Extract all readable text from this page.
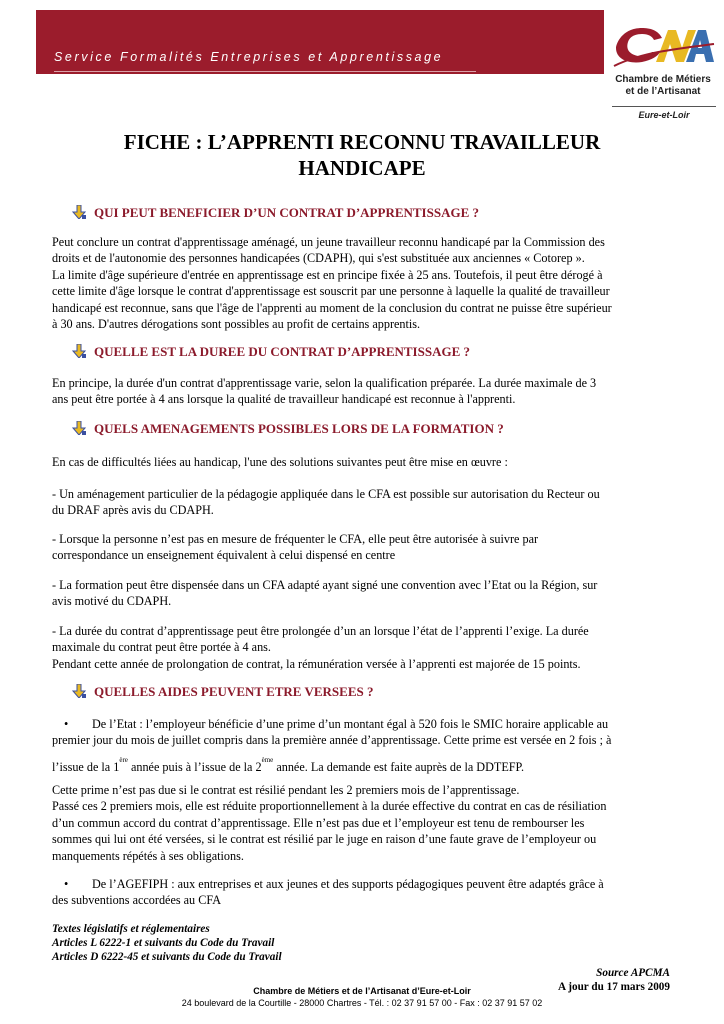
Service Formalités Entreprises et Apprentissage
Chambre de Métiers
et de l’Artisanat
Eure-et-Loir
FICHE : L’APPRENTI RECONNU TRAVAILLEUR
HANDICAPE
QUI PEUT BENEFICIER D’UN CONTRAT D’APPRENTISSAGE ?
Peut conclure un contrat d'apprentissage aménagé, un jeune travailleur reconnu handicapé par la Commission des
droits et de l'autonomie des personnes handicapées (CDAPH), qui s'est substituée aux anciennes « Cotorep ».
La limite d'âge supérieure d'entrée en apprentissage est en principe fixée à 25 ans. Toutefois, il peut être dérogé à
cette limite d'âge lorsque le contrat d'apprentissage est souscrit par une personne à laquelle la qualité de travailleur
handicapé est reconnue, sans que l'âge de l'apprenti au moment de la conclusion du contrat ne puisse être supérieur
à 30 ans. D'autres dérogations sont possibles au profit de certains apprentis.
QUELLE EST LA DUREE DU CONTRAT D’APPRENTISSAGE ?
En principe, la durée d'un contrat d'apprentissage varie, selon la qualification préparée. La durée maximale de 3
ans peut être portée à 4 ans lorsque la qualité de travailleur handicapé est reconnue à l'apprenti.
QUELS AMENAGEMENTS POSSIBLES LORS DE LA FORMATION ?
En cas de difficultés liées au handicap, l'une des solutions suivantes peut être mise en œuvre :
- Un aménagement particulier de la pédagogie appliquée dans le CFA est possible sur autorisation du Recteur ou
du DRAF après avis du CDAPH.
- Lorsque la personne n’est pas en mesure de fréquenter le CFA, elle peut être autorisée à suivre par
correspondance un enseignement équivalent à celui dispensé en centre
- La formation peut être dispensée dans un CFA adapté ayant signé une convention avec l’Etat ou la Région, sur
avis motivé du CDAPH.
- La durée du contrat d’apprentissage peut être prolongée d’un an lorsque l’état de l’apprenti l’exige. La durée
maximale du contrat peut être portée à 4 ans.
Pendant cette année de prolongation de contrat, la rémunération versée à l’apprenti est majorée de 15 points.
QUELLES AIDES PEUVENT ETRE VERSEES ?
•	De l’Etat : l’employeur bénéficie d’une prime d’un montant égal à 520 fois le SMIC horaire applicable au
premier jour du mois de juillet compris dans la première année d’apprentissage. Cette prime est versée en 2 fois ; à
l’issue de la 1ère année puis à l’issue de la 2ème année. La demande est faite auprès de la DDTEFP.
Cette prime n’est pas due si le contrat est résilié pendant les 2 premiers mois de l’apprentissage.
Passé ces 2 premiers mois, elle est réduite proportionnellement à la durée effective du contrat en cas de résiliation
d’un commun accord du contrat d’apprentissage. Elle n’est pas due et l’employeur est tenu de rembourser les
sommes qui lui ont été versées, si le contrat est résilié par le juge en raison d’une faute grave de l’employeur ou
manquements répétés à ses obligations.
•	De l’AGEFIPH : aux entreprises et aux jeunes et des supports pédagogiques peuvent être adaptés grâce à
des subventions accordées au CFA
Textes législatifs et réglementaires
Articles L 6222-1 et suivants du Code du Travail
Articles D 6222-45 et suivants du Code du Travail
Source APCMA
A jour du 17 mars 2009
Chambre de Métiers et de l’Artisanat d’Eure-et-Loir
24 boulevard de la Courtille - 28000 Chartres - Tél. : 02 37 91 57 00 - Fax : 02 37 91 57 02
